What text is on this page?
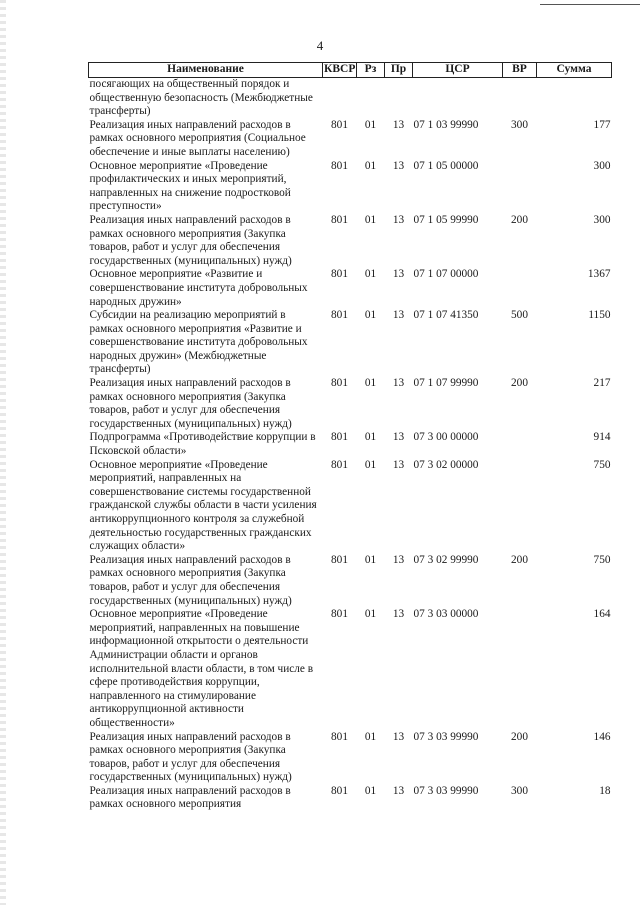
4
Наименование	КВСР	Рз	Пр	ЦСР	ВР	Сумма
посягающих на общественный порядок и общественную безопасность (Межбюджетные трансферты)						
Реализация иных направлений расходов в рамках основного мероприятия (Социальное обеспечение и иные выплаты населению)	801	01	13	07 1 03 99990	300	177
Основное мероприятие «Проведение профилактических и иных мероприятий, направленных на снижение подростковой преступности»	801	01	13	07 1 05 00000		300
Реализация иных направлений расходов в рамках основного мероприятия (Закупка товаров, работ и услуг для обеспечения государственных (муниципальных) нужд)	801	01	13	07 1 05 99990	200	300
Основное мероприятие «Развитие и совершенствование института добровольных народных дружин»	801	01	13	07 1 07 00000		1367
Субсидии на реализацию мероприятий в рамках основного мероприятия «Развитие и совершенствование института добровольных народных дружин» (Межбюджетные трансферты)	801	01	13	07 1 07 41350	500	1150
Реализация иных направлений расходов в рамках основного мероприятия (Закупка товаров, работ и услуг для обеспечения государственных (муниципальных) нужд)	801	01	13	07 1 07 99990	200	217
Подпрограмма «Противодействие коррупции в Псковской области»	801	01	13	07 3 00 00000		914
Основное мероприятие «Проведение мероприятий, направленных на совершенствование системы государственной гражданской службы области в части усиления антикоррупционного контроля за служебной деятельностью государственных гражданских служащих области»	801	01	13	07 3 02 00000		750
Реализация иных направлений расходов в рамках основного мероприятия (Закупка товаров, работ и услуг для обеспечения государственных (муниципальных) нужд)	801	01	13	07 3 02 99990	200	750
Основное мероприятие «Проведение мероприятий, направленных на повышение информационной открытости о деятельности Администрации области и органов исполнительной власти области, в том числе в сфере противодействия коррупции, направленного на стимулирование антикоррупционной активности общественности»	801	01	13	07 3 03 00000		164
Реализация иных направлений расходов в рамках основного мероприятия (Закупка товаров, работ и услуг для обеспечения государственных (муниципальных) нужд)	801	01	13	07 3 03 99990	200	146
Реализация иных направлений расходов в рамках основного мероприятия	801	01	13	07 3 03 99990	300	18
